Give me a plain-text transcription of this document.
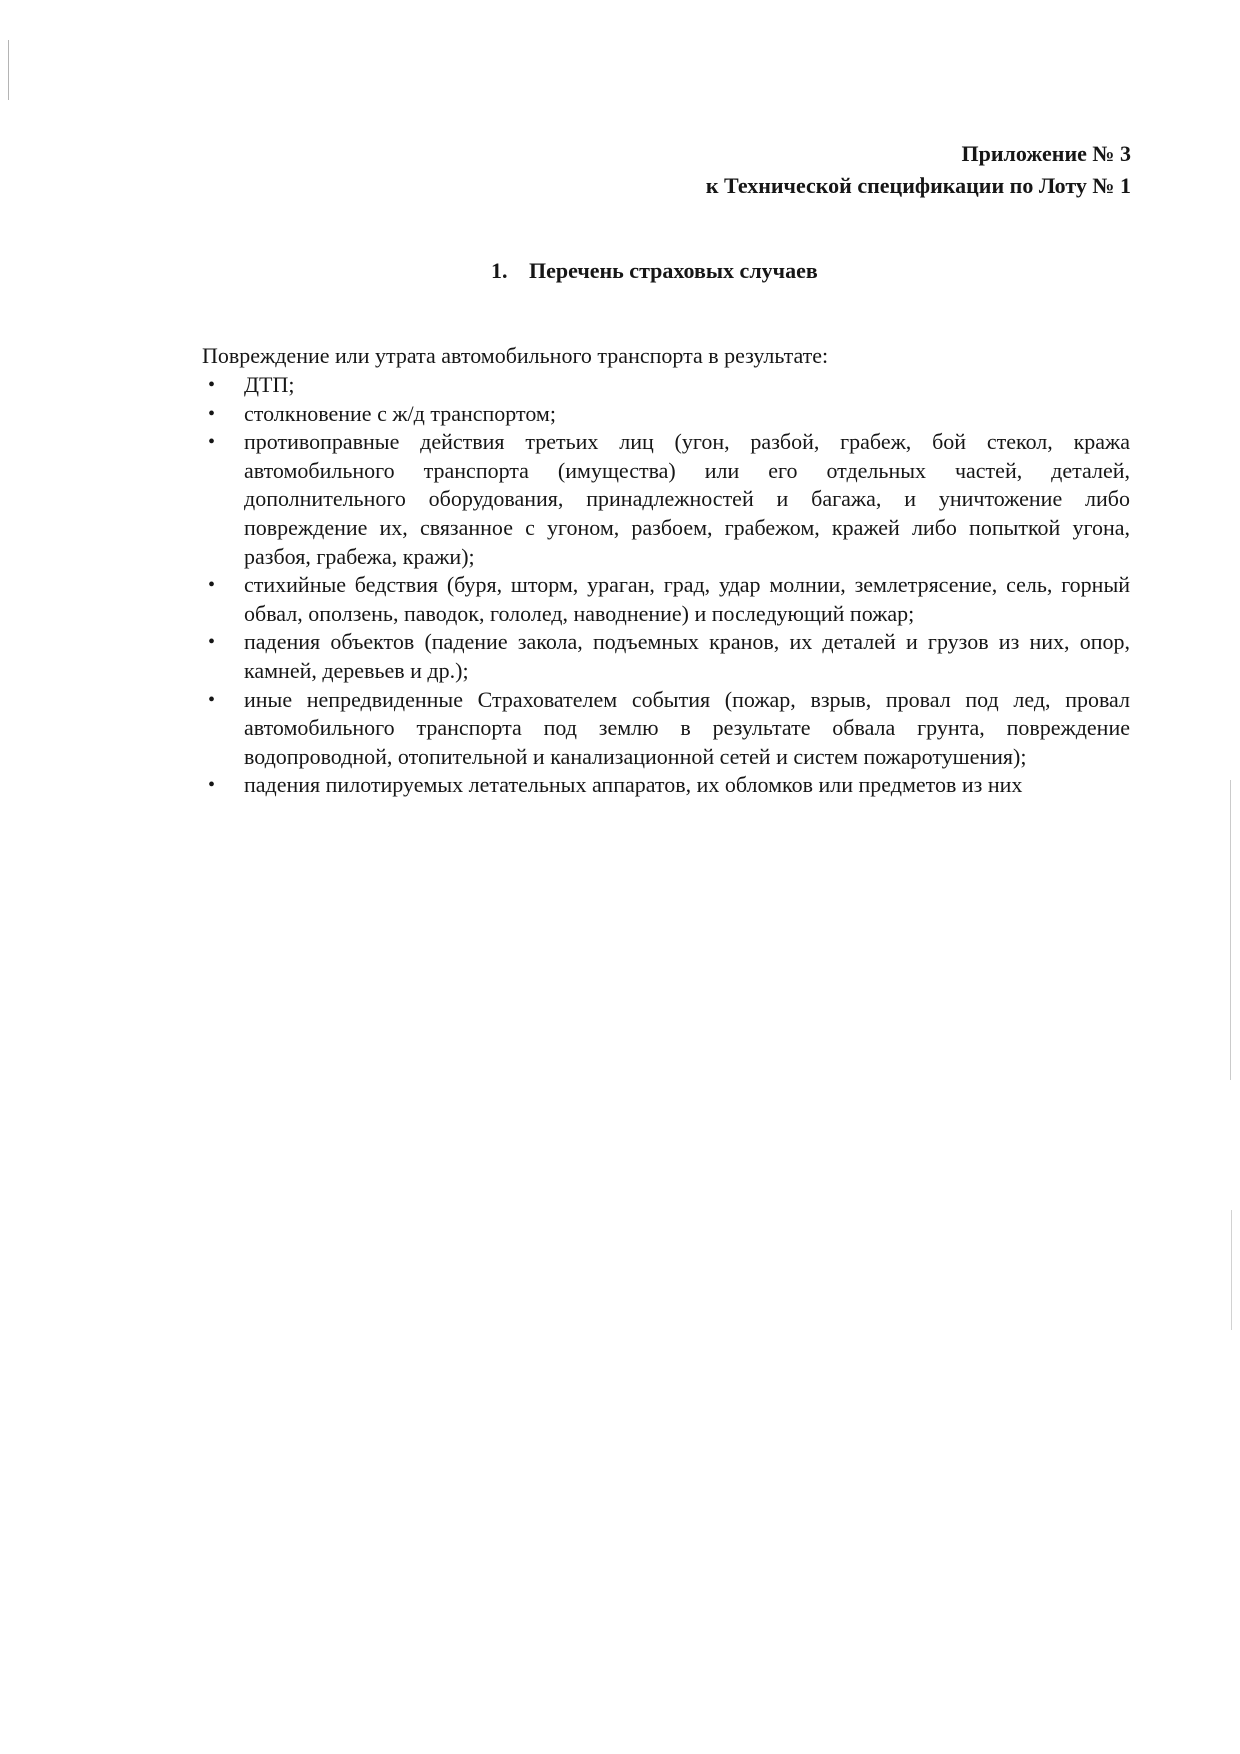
Приложение № 3
к Технической спецификации по Лоту № 1
1. Перечень страховых случаев
Повреждение или утрата автомобильного транспорта в результате:
• ДТП;
• столкновение с ж/д транспортом;
• противоправные действия третьих лиц (угон, разбой, грабеж, бой стекол, кража автомобильного транспорта (имущества) или его отдельных частей, деталей, дополнительного оборудования, принадлежностей и багажа, и уничтожение либо повреждение их, связанное с угоном, разбоем, грабежом, кражей либо попыткой угона, разбоя, грабежа, кражи);
• стихийные бедствия (буря, шторм, ураган, град, удар молнии, землетрясение, сель, горный обвал, оползень, паводок, гололед, наводнение) и последующий пожар;
• падения объектов (падение закола, подъемных кранов, их деталей и грузов из них, опор, камней, деревьев и др.);
• иные непредвиденные Страхователем события (пожар, взрыв, провал под лед, провал автомобильного транспорта под землю в результате обвала грунта, повреждение водопроводной, отопительной и канализационной сетей и систем пожаротушения);
• падения пилотируемых летательных аппаратов, их обломков или предметов из них
